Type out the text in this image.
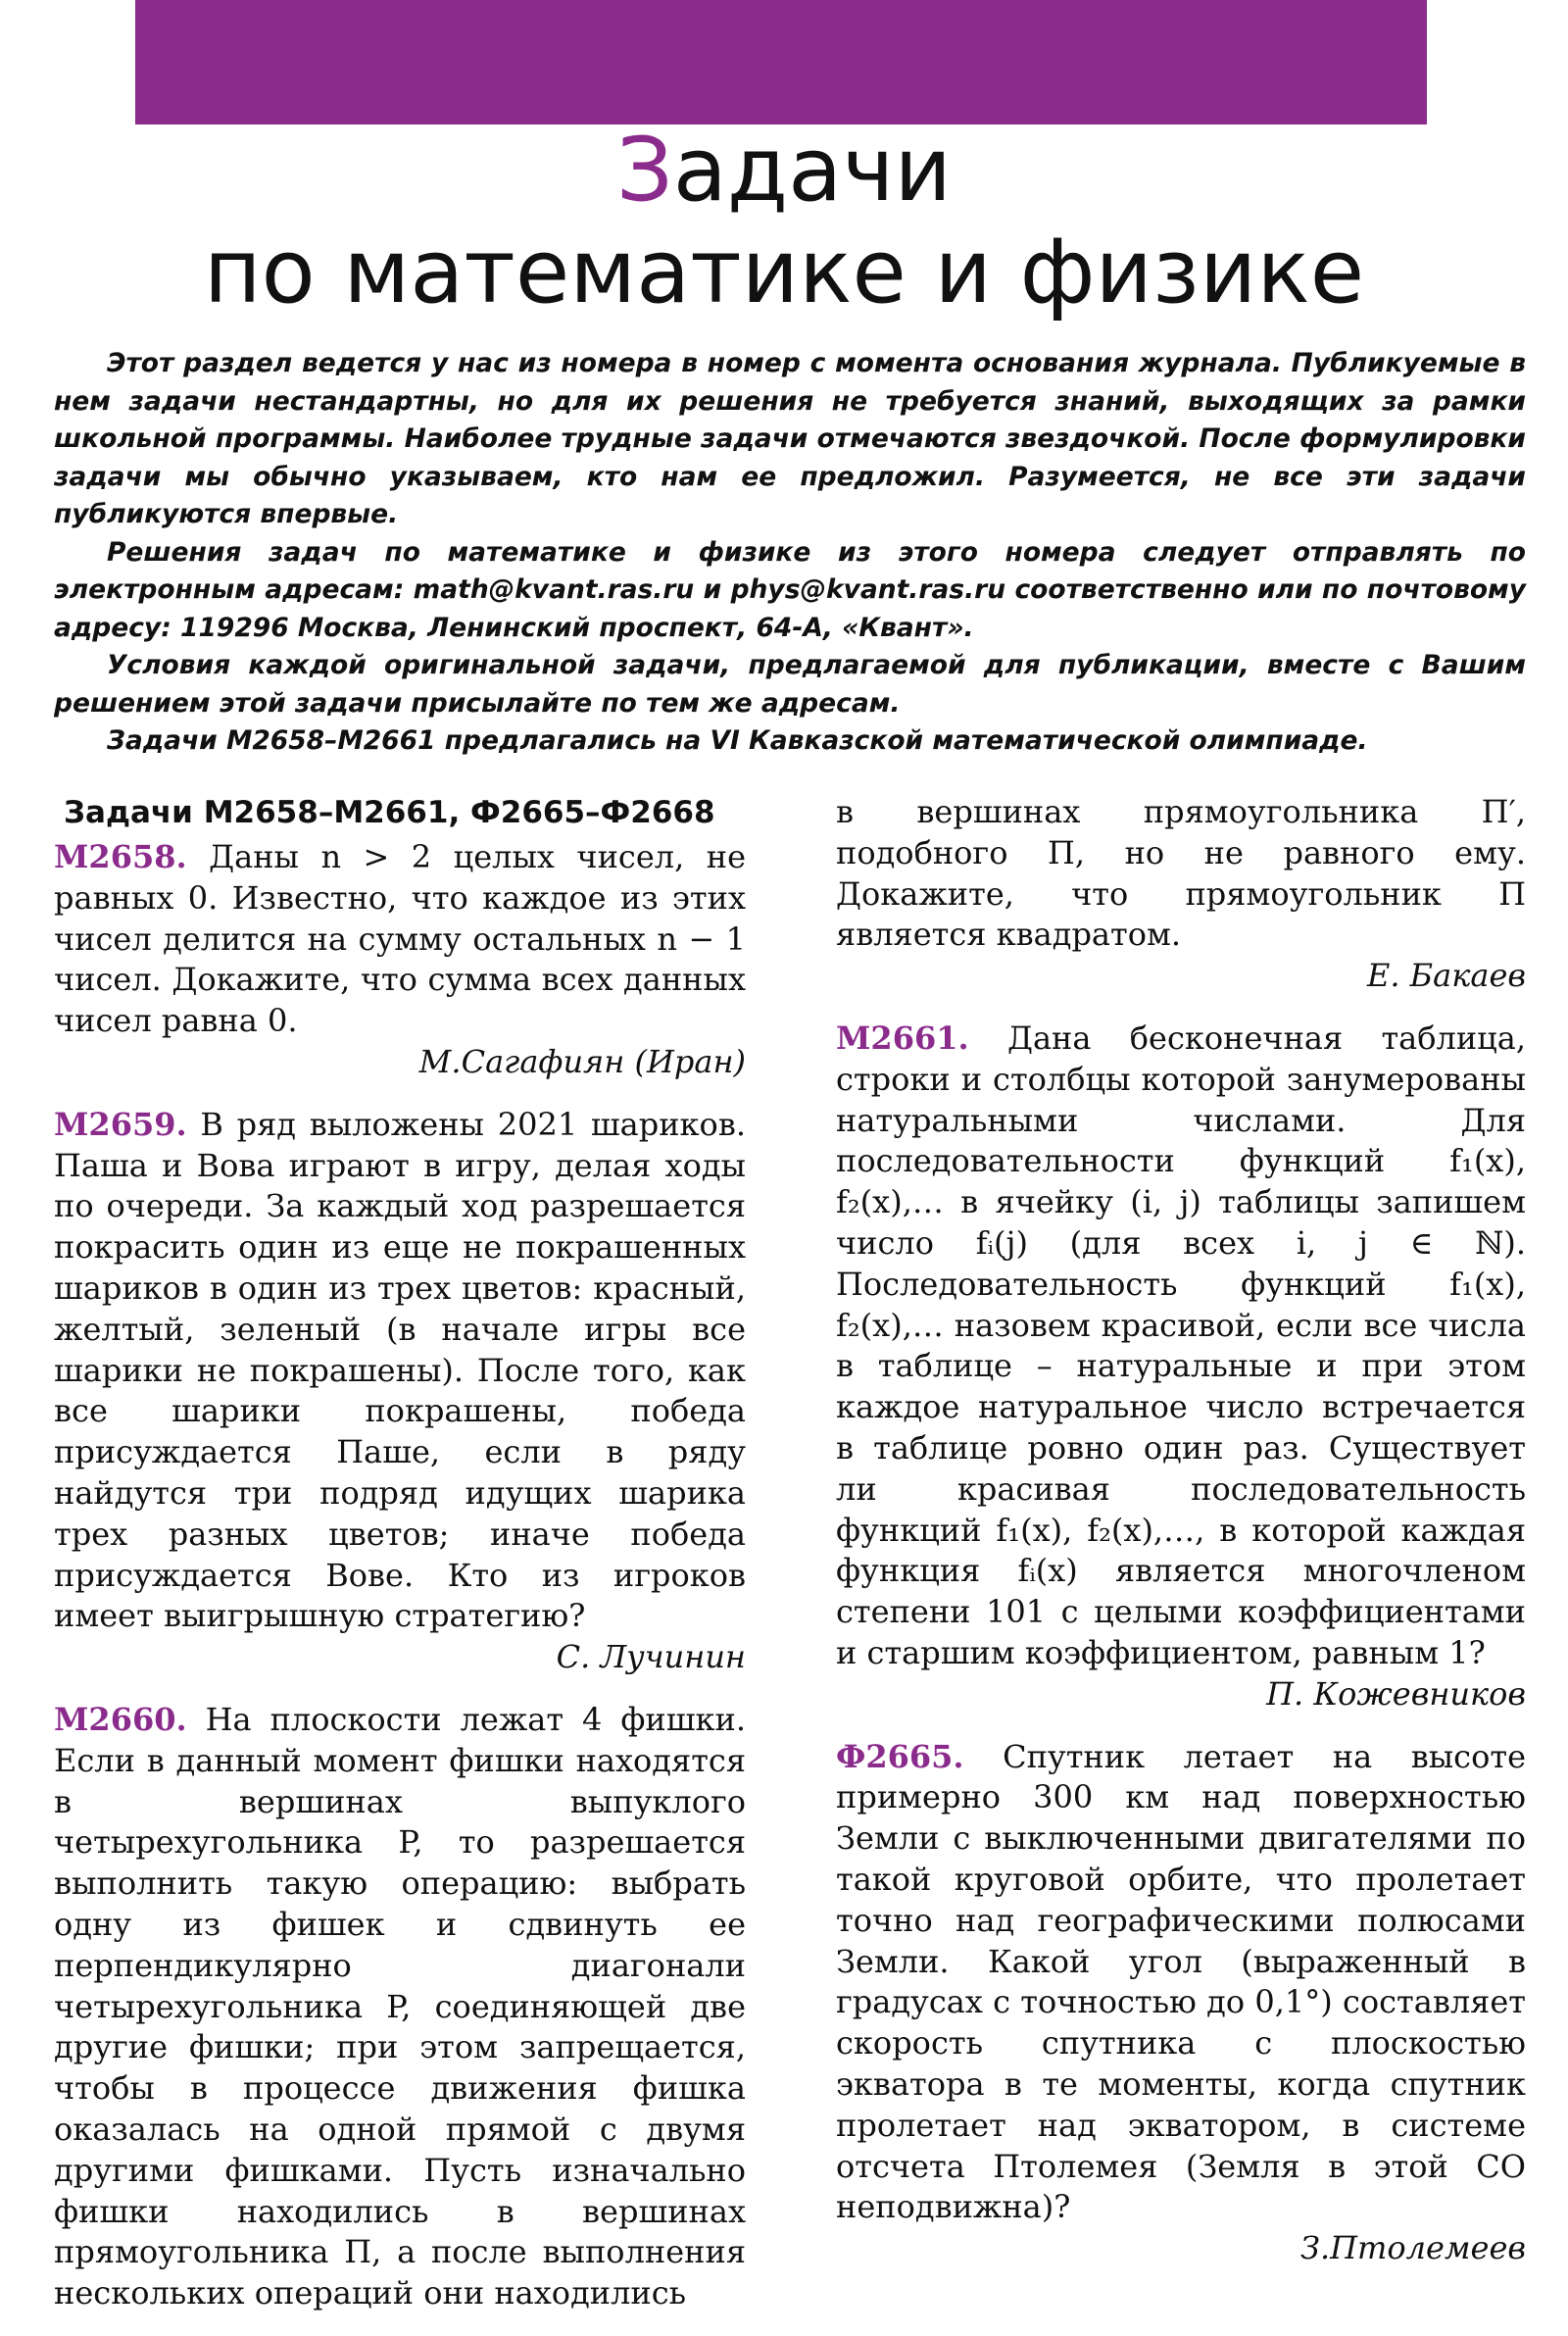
Задачи
по математике и физике

Этот раздел ведется у нас из номера в номер с момента основания журнала. Публикуемые в нем задачи нестандартны, но для их решения не требуется знаний, выходящих за рамки школьной программы. Наиболее трудные задачи отмечаются звездочкой. После формулировки задачи мы обычно указываем, кто нам ее предложил. Разумеется, не все эти задачи публикуются впервые.

Решения задач по математике и физике из этого номера следует отправлять по электронным адресам: math@kvant.ras.ru и phys@kvant.ras.ru соответственно или по почтовому адресу: 119296 Москва, Ленинский проспект, 64-А, «Квант».

Условия каждой оригинальной задачи, предлагаемой для публикации, вместе с Вашим решением этой задачи присылайте по тем же адресам.

Задачи М2658–М2661 предлагались на VI Кавказской математической олимпиаде.

Задачи М2658–М2661, Ф2665–Ф2668

М2658. Даны n > 2 целых чисел, не равных 0. Известно, что каждое из этих чисел делится на сумму остальных n − 1 чисел. Докажите, что сумма всех данных чисел равна 0.

М.Сагафиян (Иран)

М2659. В ряд выложены 2021 шариков. Паша и Вова играют в игру, делая ходы по очереди. За каждый ход разрешается покрасить один из еще не покрашенных шариков в один из трех цветов: красный, желтый, зеленый (в начале игры все шарики не покрашены). После того, как все шарики покрашены, победа присуждается Паше, если в ряду найдутся три подряд идущих шарика трех разных цветов; иначе победа присуждается Вове. Кто из игроков имеет выигрышную стратегию?

С. Лучинин

М2660. На плоскости лежат 4 фишки. Если в данный момент фишки находятся в вершинах выпуклого четырехугольника P, то разрешается выполнить такую операцию: выбрать одну из фишек и сдвинуть ее перпендикулярно диагонали четырехугольника P, соединяющей две другие фишки; при этом запрещается, чтобы в процессе движения фишка оказалась на одной прямой с двумя другими фишками. Пусть изначально фишки находились в вершинах прямоугольника Π, а после выполнения нескольких операций они находились

в вершинах прямоугольника Π′, подобного Π, но не равного ему. Докажите, что прямоугольник Π является квадратом.

Е. Бакаев

М2661. Дана бесконечная таблица, строки и столбцы которой занумерованы натуральными числами. Для последовательности функций f₁(x), f₂(x),… в ячейку (i, j) таблицы запишем число fᵢ(j) (для всех i, j ∈ ℕ). Последовательность функций f₁(x), f₂(x),… назовем красивой, если все числа в таблице – натуральные и при этом каждое натуральное число встречается в таблице ровно один раз. Существует ли красивая последовательность функций f₁(x), f₂(x),…, в которой каждая функция fᵢ(x) является многочленом степени 101 с целыми коэффициентами и старшим коэффициентом, равным 1?

П. Кожевников

Ф2665. Спутник летает на высоте примерно 300 км над поверхностью Земли с выключенными двигателями по такой круговой орбите, что пролетает точно над географическими полюсами Земли. Какой угол (выраженный в градусах с точностью до 0,1°) составляет скорость спутника с плоскостью экватора в те моменты, когда спутник пролетает над экватором, в системе отсчета Птолемея (Земля в этой СО неподвижна)?

З.Птолемеев
